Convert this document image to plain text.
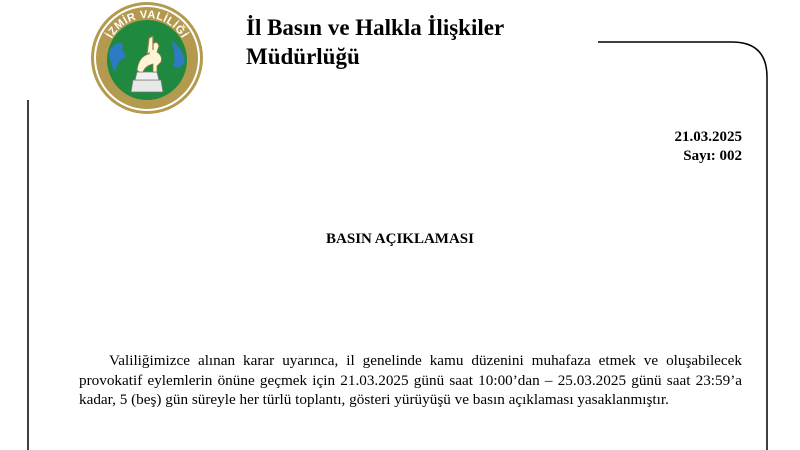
İZMİR VALİLİĞİ İl Basın ve Halkla İlişkiler Müdürlüğü
21.03.2025
Sayı: 002
BASIN AÇIKLAMASI

Valiliğimizce alınan karar uyarınca, il genelinde kamu düzenini muhafaza etmek ve oluşabilecek provokatif eylemlerin önüne geçmek için 21.03.2025 günü saat 10:00’dan – 25.03.2025 günü saat 23:59’a kadar, 5 (beş) gün süreyle her türlü toplantı, gösteri yürüyüşü ve basın açıklaması yasaklanmıştır.
